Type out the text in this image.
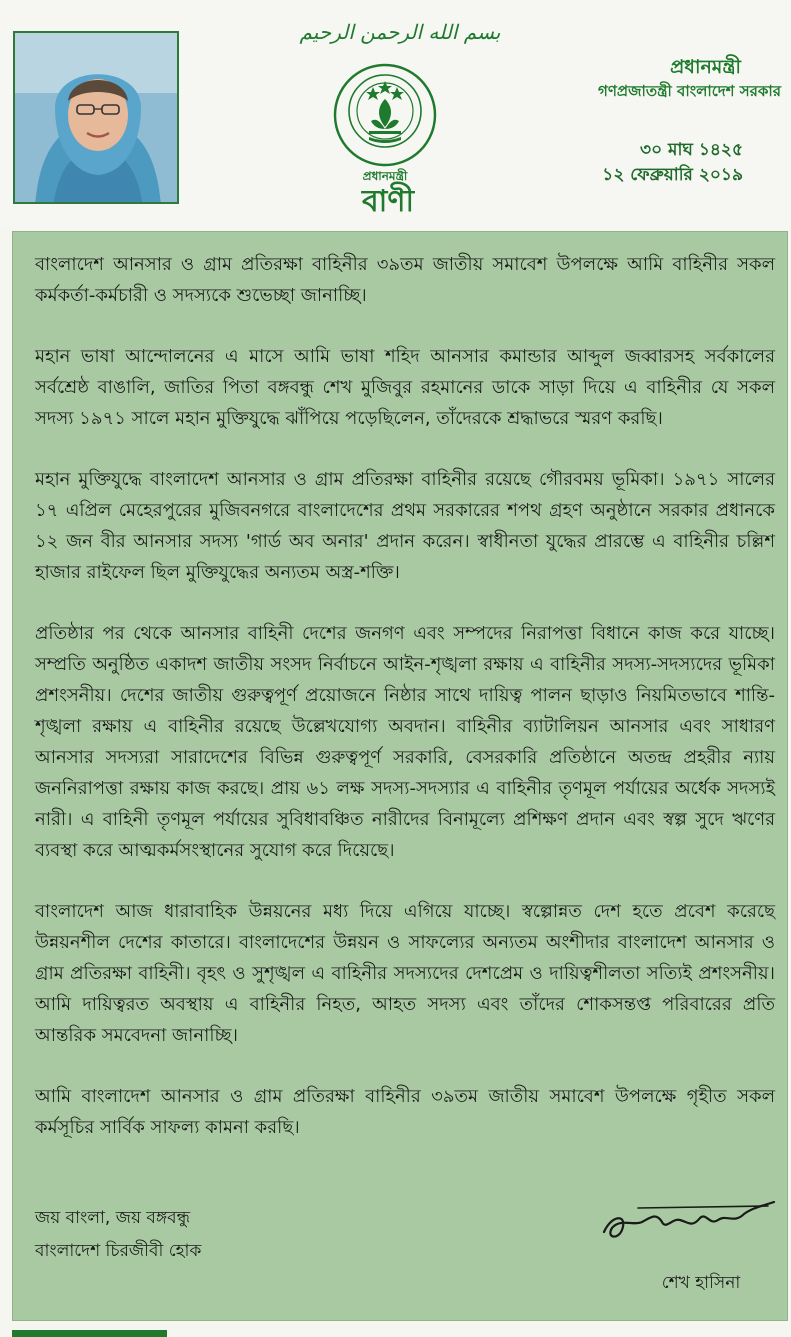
بسم الله الرحمن الرحيم
প্রধানমন্ত্রী
বাণী
প্রধানমন্ত্রী
গণপ্রজাতন্ত্রী বাংলাদেশ সরকার
৩০ মাঘ ১৪২৫
১২ ফেব্রুয়ারি ২০১৯

বাংলাদেশ আনসার ও গ্রাম প্রতিরক্ষা বাহিনীর ৩৯তম জাতীয় সমাবেশ উপলক্ষে আমি বাহিনীর সকল কর্মকর্তা-কর্মচারী ও সদস্যকে শুভেচ্ছা জানাচ্ছি।

মহান ভাষা আন্দোলনের এ মাসে আমি ভাষা শহিদ আনসার কমান্ডার আব্দুল জব্বারসহ সর্বকালের সর্বশ্রেষ্ঠ বাঙালি, জাতির পিতা বঙ্গবন্ধু শেখ মুজিবুর রহমানের ডাকে সাড়া দিয়ে এ বাহিনীর যে সকল সদস্য ১৯৭১ সালে মহান মুক্তিযুদ্ধে ঝাঁপিয়ে পড়েছিলেন, তাঁদেরকে শ্রদ্ধাভরে স্মরণ করছি।

মহান মুক্তিযুদ্ধে বাংলাদেশ আনসার ও গ্রাম প্রতিরক্ষা বাহিনীর রয়েছে গৌরবময় ভূমিকা। ১৯৭১ সালের ১৭ এপ্রিল মেহেরপুরের মুজিবনগরে বাংলাদেশের প্রথম সরকারের শপথ গ্রহণ অনুষ্ঠানে সরকার প্রধানকে ১২ জন বীর আনসার সদস্য 'গার্ড অব অনার' প্রদান করেন। স্বাধীনতা যুদ্ধের প্রারম্ভে এ বাহিনীর চল্লিশ হাজার রাইফেল ছিল মুক্তিযুদ্ধের অন্যতম অস্ত্র-শক্তি।

প্রতিষ্ঠার পর থেকে আনসার বাহিনী দেশের জনগণ এবং সম্পদের নিরাপত্তা বিধানে কাজ করে যাচ্ছে। সম্প্রতি অনুষ্ঠিত একাদশ জাতীয় সংসদ নির্বাচনে আইন-শৃঙ্খলা রক্ষায় এ বাহিনীর সদস্য-সদস্যদের ভূমিকা প্রশংসনীয়। দেশের জাতীয় গুরুত্বপূর্ণ প্রয়োজনে নিষ্ঠার সাথে দায়িত্ব পালন ছাড়াও নিয়মিতভাবে শান্তি-শৃঙ্খলা রক্ষায় এ বাহিনীর রয়েছে উল্লেখযোগ্য অবদান। বাহিনীর ব্যাটালিয়ন আনসার এবং সাধারণ আনসার সদস্যরা সারাদেশের বিভিন্ন গুরুত্বপূর্ণ সরকারি, বেসরকারি প্রতিষ্ঠানে অতন্দ্র প্রহরীর ন্যায় জননিরাপত্তা রক্ষায় কাজ করছে। প্রায় ৬১ লক্ষ সদস্য-সদস্যার এ বাহিনীর তৃণমূল পর্যায়ের অর্ধেক সদস্যই নারী। এ বাহিনী তৃণমূল পর্যায়ের সুবিধাবঞ্চিত নারীদের বিনামূল্যে প্রশিক্ষণ প্রদান এবং স্বল্প সুদে ঋণের ব্যবস্থা করে আত্মকর্মসংস্থানের সুযোগ করে দিয়েছে।

বাংলাদেশ আজ ধারাবাহিক উন্নয়নের মধ্য দিয়ে এগিয়ে যাচ্ছে। স্বল্পোন্নত দেশ হতে প্রবেশ করেছে উন্নয়নশীল দেশের কাতারে। বাংলাদেশের উন্নয়ন ও সাফল্যের অন্যতম অংশীদার বাংলাদেশ আনসার ও গ্রাম প্রতিরক্ষা বাহিনী। বৃহৎ ও সুশৃঙ্খল এ বাহিনীর সদস্যদের দেশপ্রেম ও দায়িত্বশীলতা সত্যিই প্রশংসনীয়। আমি দায়িত্বরত অবস্থায় এ বাহিনীর নিহত, আহত সদস্য এবং তাঁদের শোকসন্তপ্ত পরিবারের প্রতি আন্তরিক সমবেদনা জানাচ্ছি।

আমি বাংলাদেশ আনসার ও গ্রাম প্রতিরক্ষা বাহিনীর ৩৯তম জাতীয় সমাবেশ উপলক্ষে গৃহীত সকল কর্মসূচির সার্বিক সাফল্য কামনা করছি।

জয় বাংলা, জয় বঙ্গবন্ধু
বাংলাদেশ চিরজীবী হোক
শেখ হাসিনা
